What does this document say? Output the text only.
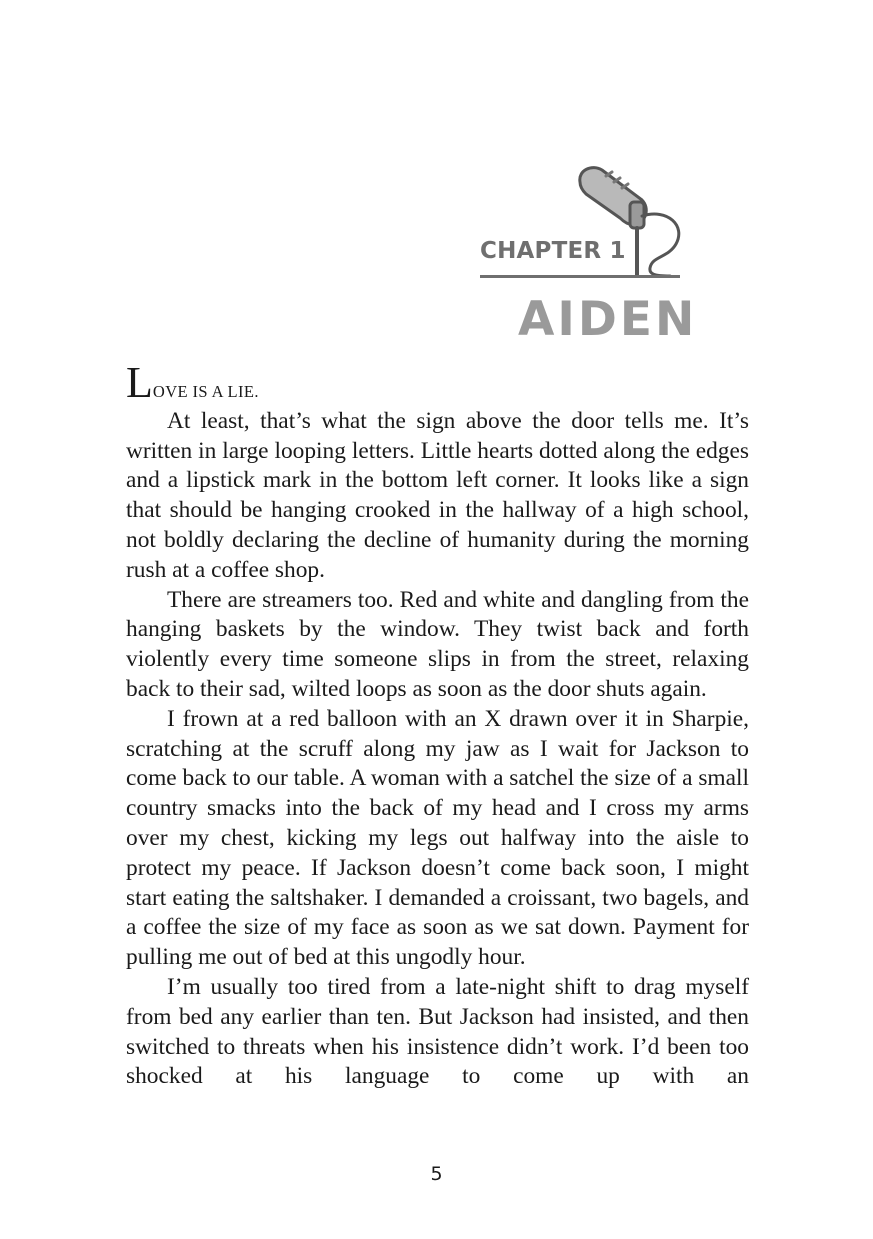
CHAPTER 1
AIDEN

LOVE IS A LIE.

At least, that’s what the sign above the door tells me. It’s written in large looping letters. Little hearts dotted along the edges and a lipstick mark in the bottom left corner. It looks like a sign that should be hanging crooked in the hallway of a high school, not boldly declaring the decline of humanity during the morning rush at a coffee shop.

There are streamers too. Red and white and dangling from the hanging baskets by the window. They twist back and forth violently every time someone slips in from the street, relaxing back to their sad, wilted loops as soon as the door shuts again.

I frown at a red balloon with an X drawn over it in Sharpie, scratching at the scruff along my jaw as I wait for Jackson to come back to our table. A woman with a satchel the size of a small country smacks into the back of my head and I cross my arms over my chest, kicking my legs out halfway into the aisle to protect my peace. If Jackson doesn’t come back soon, I might start eating the saltshaker. I demanded a croissant, two bagels, and a coffee the size of my face as soon as we sat down. Payment for pulling me out of bed at this ungodly hour.

I’m usually too tired from a late-night shift to drag myself from bed any earlier than ten. But Jackson had insisted, and then switched to threats when his insistence didn’t work. I’d been too shocked at his language to come up with an

5
